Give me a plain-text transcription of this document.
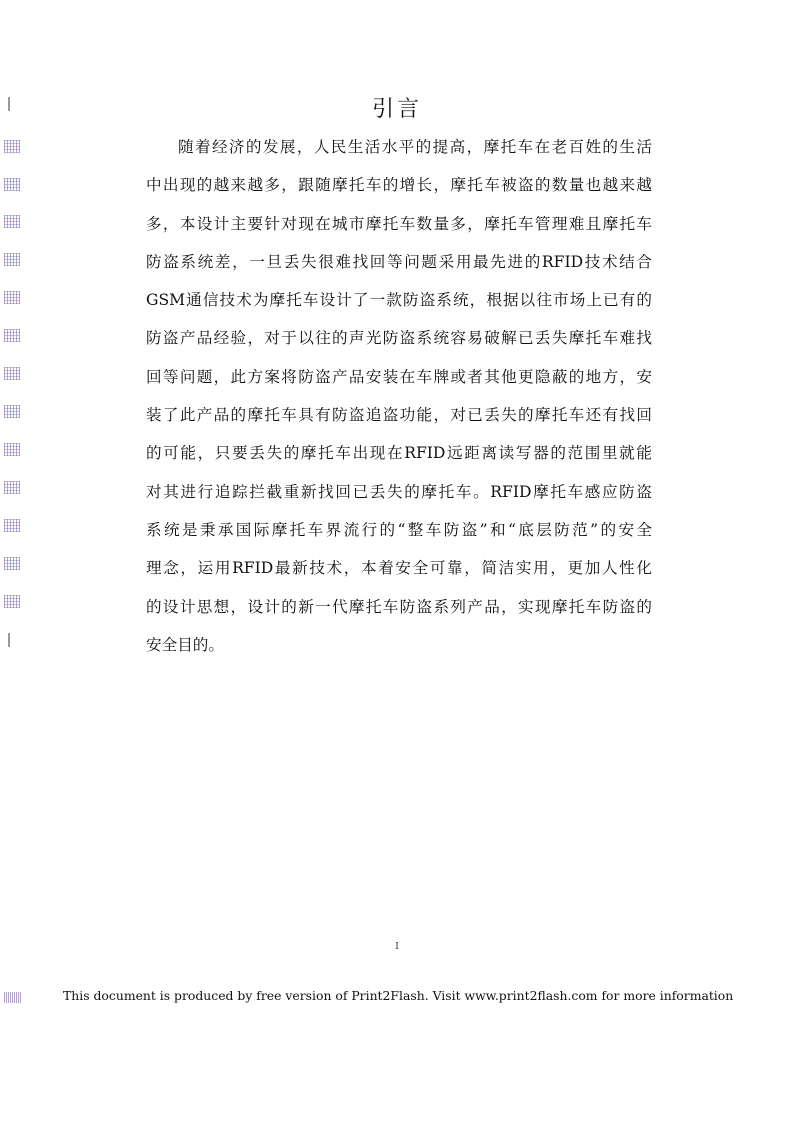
引言
随着经济的发展，人民生活水平的提高，摩托车在老百姓的生活
中出现的越来越多，跟随摩托车的增长，摩托车被盗的数量也越来越
多，本设计主要针对现在城市摩托车数量多，摩托车管理难且摩托车
防盗系统差，一旦丢失很难找回等问题采用最先进的RFID技术结合
GSM通信技术为摩托车设计了一款防盗系统，根据以往市场上已有的
防盗产品经验，对于以往的声光防盗系统容易破解已丢失摩托车难找
回等问题，此方案将防盗产品安装在车牌或者其他更隐蔽的地方，安
装了此产品的摩托车具有防盗追盗功能，对已丢失的摩托车还有找回
的可能，只要丢失的摩托车出现在RFID远距离读写器的范围里就能
对其进行追踪拦截重新找回已丢失的摩托车。RFID摩托车感应防盗
系统是秉承国际摩托车界流行的“整车防盗”和“底层防范”的安全
理念，运用RFID最新技术，本着安全可靠，简洁实用，更加人性化
的设计思想，设计的新一代摩托车防盗系列产品，实现摩托车防盗的
安全目的。
I
This document is produced by free version of Print2Flash. Visit www.print2flash.com for more information
